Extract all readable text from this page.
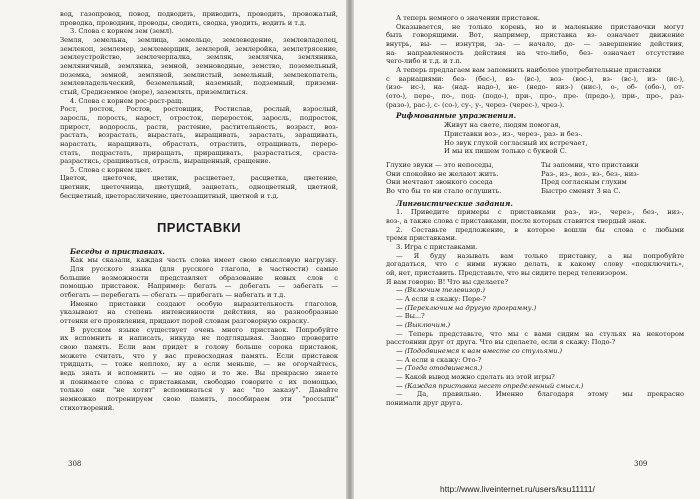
вод, газопровод, повод, подводить, приводить, проводить, провожатый,
проводка, проводник, проводы, сводить, сводка, уводить, водить и т.д.
3. Слова с корнем зем (земл).
Земля, земельна, землица, земельце, землеведение, землевладелец,
землекоп, землемер, землемерщик, землерой, землеройка, землетрясение,
землеустройство, землечерпалка, земляк, землячка, земляника,
земляничный, землянка, земной, земноводные, земство, поземельный,
поземка, земной, земляной, землистый, земельный, землекопатель,
землевладельческий, беземельный, наземный, подземный, приземи-
стый, Средиземное (море), заземлять, приземлиться.
4. Слова с корнем рос-раст-ращ.
Рост, росток, Ростов, ростовщик, Ростислав, рослый, взрослый,
заросль, порость, нарост, отросток, переросток, заросль, подросток,
прирост, водоросль, расти, растение, растительность, возраст, воз-
растать, возрастать, вырастать, выращивать, зарастать, заращивать,
нарастать, наращивать, обрастать, отрастить, отращивать, переро-
стать, подрастать, приращать, приращивать, разрастаться, сраста-
разрастись, сращиваться, отрасль, выращенный, сращение.
5. Слова с корнем цвет.
Цветок, цветочек, цветик, расцветает, расцветка, цветение,
цветник, цветочница, цветущий, зацветать, одноцветный, цветной,
бесцветный, цветорасличение, цветозащитный, цветной и т.д.
ПРИСТАВКИ
Беседы о приставках.
Как мы сказали, каждая часть слова имеет свою смысловую нагрузку.
Для русского языка (для русского глагола, в частности) самые
большие возможности представляет образование новых слов с
помощью приставок. Например: бегать — добегать — забегать —
отбегать — перебегать — сбегать — прибегать — набегать и т.д.
Именно приставки создают особую выразительность глаголов,
указывают на степень интенсивности действия, на разнообразные
оттенки его проявления, придают порой словам разговорную окраску.
В русском языке существует очень много приставок. Попробуйте
их вспомнить и написать, никуда не подглядывая. Заодно проверите
свою память. Если вам придет в голову больше сорока приставок,
можете считать, что у вас превосходная память. Если приставок
тридцать, — тоже неплохо, ну а если меньше, — не огорчайтесь,
ведь знать и вспомнить — не одно и то же. Вы прекрасно знаете
и понимаете слова с приставками, свободно говорите с их помощью,
только они "не хотят" вспоминаться у вас "по заказу". Давайте
немножко потренируем свою память, пособираем эти "россыпи"
стихотворений.
А теперь немного о значении приставок.
Оказывается, не только корень, но и маленькие приставочки могут
быть говорящими. Вот, например, приставка вз- означает движение
внутрь, вы- — изнутри, за- — начало, до- — завершение действия,
на- направленность действия на что-либо, без- означает отсутствие
чего-либо и т.д. и т.п.
А теперь предлагаем вам запомнить наиболее употребительные приставки
с вариациями: без- (бес-), вз- (вс-), воз- (вос-), вз- (вс-), из- (ис-),
(изо- ис-), на- (над- надо-), не- (недо- низ-) (нис-), о-, об- (обо-), от-
(ото-), пере-, по-, под- (подо-), при-, про-, пре- (предо-), при-, про-, раз-
(разо-), рас-), с- (со-), су-, у-, через- (черес-), чрез-).
Рифмованные упражнения.
Живут на свете, людям помогая,
Приставки воз-, из-, через-, раз- и без-.
Но звук глухой согласный их встречает,
И мы их пишем только с буквой С.
Глухие звуки — это непоседы,
Они спокойно не желают жить.
Они мечтают звонкого соседа
Во что бы то ни стало оглушить.
Ты запомни, что приставки
Раз-, из-, воз-, вз-, без-, низ-
Пред согласным глухим
Быстро сменят З на С.
Лингвистические задания.
1. Приведите примеры с приставками раз-, из-, через-, без-, низ-,
воз-, а также слова с приставками, после которых ставится твердый знак.
2. Составьте предложение, в которое вошли бы слова с любыми
тремя приставками.
3. Игра с приставками.
— Я буду называть вам только приставку, а вы попробуйте
догадаться, что с ними нужно делать, к какому слову «подключить»,
ой, нет, приставить. Представьте, что вы сидите перед телевизором.
Я вам говорю: В! Что вы сделаете?
— (Включим телевизор.)
— А если я скажу: Пере-?
— (Переключим на другую программу.)
— Вы...?
— (Выключим.)
— Теперь представьте, что мы с вами сидим на стульях на некотором
расстоянии друг от друга. Что вы сделаете, если я скажу: Подо-?
— (Пододвинемся к вам вместе со стульями.)
— А если я скажу: Ото-?
— (Тогда отодвинемся.)
— Какой вывод можно сделать из этой игры?
— (Каждая приставка несет определенный смысл.)
— Да, правильно. Именно благодаря этому мы прекрасно
понимали друг друга.
308	309
http://www.liveinternet.ru/users/ksu11111/
